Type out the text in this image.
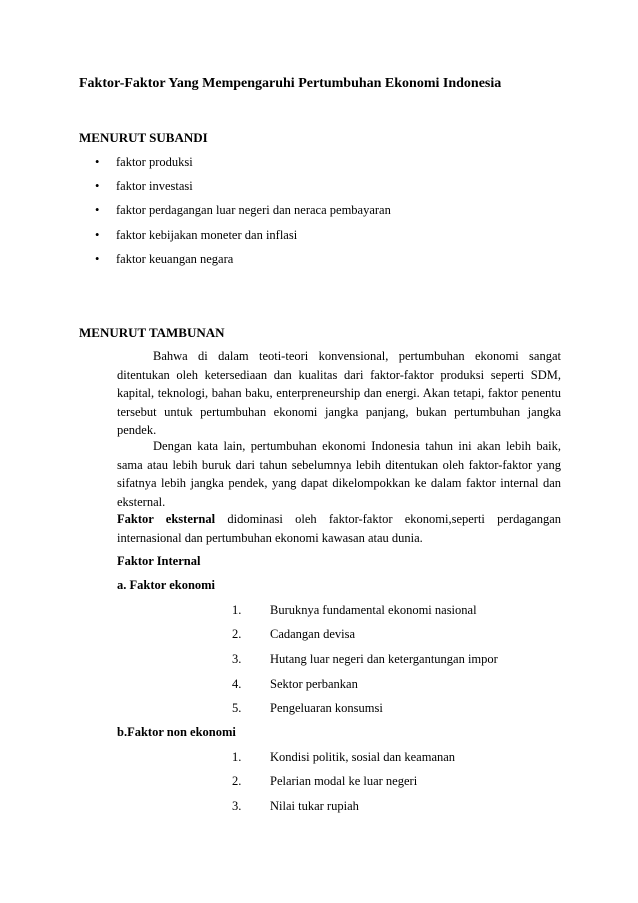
Faktor-Faktor Yang Mempengaruhi Pertumbuhan Ekonomi Indonesia
MENURUT SUBANDI
• faktor produksi
• faktor investasi
• faktor perdagangan luar negeri dan neraca pembayaran
• faktor kebijakan moneter dan inflasi
• faktor keuangan negara
MENURUT TAMBUNAN
Bahwa di dalam teoti-teori konvensional, pertumbuhan ekonomi sangat ditentukan oleh ketersediaan dan kualitas dari faktor-faktor produksi seperti SDM, kapital, teknologi, bahan baku, enterpreneurship dan energi. Akan tetapi, faktor penentu tersebut untuk pertumbuhan ekonomi jangka panjang, bukan pertumbuhan jangka pendek.
Dengan kata lain, pertumbuhan ekonomi Indonesia tahun ini akan lebih baik, sama atau lebih buruk dari tahun sebelumnya lebih ditentukan oleh faktor-faktor yang sifatnya lebih jangka pendek, yang dapat dikelompokkan ke dalam faktor internal dan eksternal.
Faktor eksternal didominasi oleh faktor-faktor ekonomi,seperti perdagangan internasional dan pertumbuhan ekonomi kawasan atau dunia.
Faktor Internal
a. Faktor ekonomi
1. Buruknya fundamental ekonomi nasional
2. Cadangan devisa
3. Hutang luar negeri dan ketergantungan impor
4. Sektor perbankan
5. Pengeluaran konsumsi
b.Faktor non ekonomi
1. Kondisi politik, sosial dan keamanan
2. Pelarian modal ke luar negeri
3. Nilai tukar rupiah
